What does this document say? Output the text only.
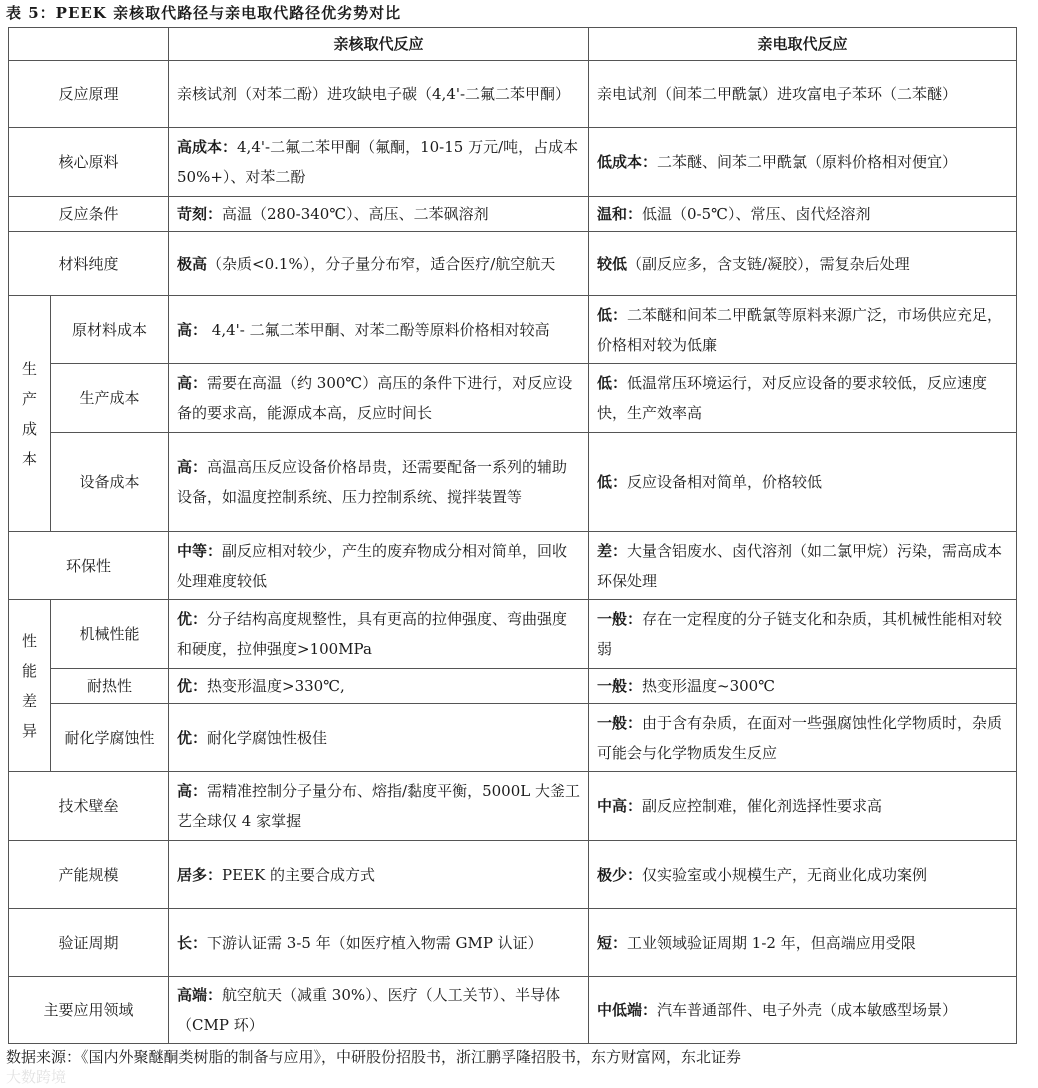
表 5：PEEK 亲核取代路径与亲电取代路径优劣势对比
		亲核取代反应	亲电取代反应
反应原理		亲核试剂（对苯二酚）进攻缺电子碳（4,4'-二氟二苯甲酮）	亲电试剂（间苯二甲酰氯）进攻富电子苯环（二苯醚）
核心原料		高成本：4,4'-二氟二苯甲酮（氟酮，10-15 万元/吨，占成本 50%+）、对苯二酚	低成本：二苯醚、间苯二甲酰氯（原料价格相对便宜）
反应条件		苛刻：高温（280-340℃）、高压、二苯砜溶剂	温和：低温（0-5℃）、常压、卤代烃溶剂
材料纯度		极高（杂质<0.1%），分子量分布窄，适合医疗/航空航天	较低（副反应多，含支链/凝胶），需复杂后处理

生
产
成
本	原材料成本	高： 4,4'- 二氟二苯甲酮、对苯二酚等原料价格相对较高	低：二苯醚和间苯二甲酰氯等原料来源广泛，市场供应充足，价格相对较为低廉
	生产成本	高：需要在高温（约 300℃）高压的条件下进行，对反应设备的要求高，能源成本高，反应时间长	低：低温常压环境运行，对反应设备的要求较低，反应速度快，生产效率高
	设备成本	高：高温高压反应设备价格昂贵，还需要配备一系列的辅助设备，如温度控制系统、压力控制系统、搅拌装置等	低：反应设备相对简单，价格较低
环保性		中等：副反应相对较少，产生的废弃物成分相对简单，回收处理难度较低	差：大量含铝废水、卤代溶剂（如二氯甲烷）污染，需高成本环保处理

性
能
差
异	机械性能	优：分子结构高度规整性，具有更高的拉伸强度、弯曲强度和硬度，拉伸强度>100MPa	一般：存在一定程度的分子链支化和杂质，其机械性能相对较弱
	耐热性	优：热变形温度>330℃,	一般：热变形温度~300℃
	耐化学腐蚀性	优：耐化学腐蚀性极佳	一般：由于含有杂质，在面对一些强腐蚀性化学物质时，杂质可能会与化学物质发生反应
技术壁垒		高：需精准控制分子量分布、熔指/黏度平衡，5000L 大釜工艺全球仅 4 家掌握	中高：副反应控制难，催化剂选择性要求高
产能规模		居多：PEEK 的主要合成方式	极少：仅实验室或小规模生产，无商业化成功案例
验证周期		长：下游认证需 3-5 年（如医疗植入物需 GMP 认证）	短：工业领域验证周期 1-2 年，但高端应用受限
主要应用领域		高端：航空航天（减重 30%）、医疗（人工关节）、半导体（CMP 环）	中低端：汽车普通部件、电子外壳（成本敏感型场景）
数据来源：《国内外聚醚酮类树脂的制备与应用》，中研股份招股书，浙江鹏孚隆招股书，东方财富网，东北证券
大数跨境
